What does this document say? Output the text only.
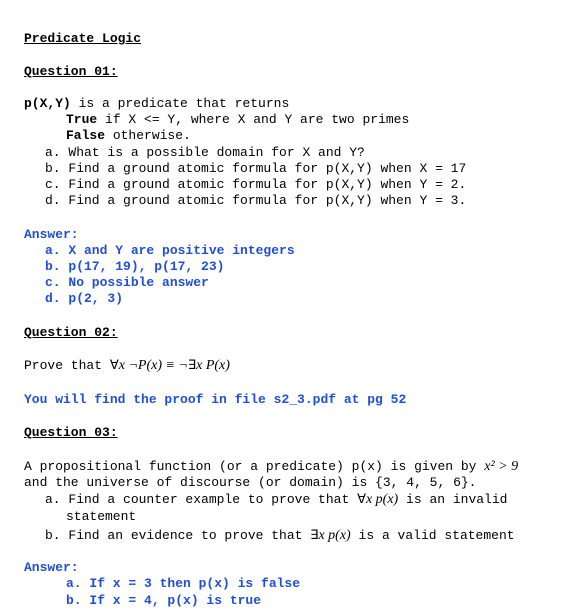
Predicate Logic
Question 01:
p(X,Y) is a predicate that returns
True if X <= Y, where X and Y are two primes
False otherwise.
a. What is a possible domain for X and Y?
b. Find a ground atomic formula for p(X,Y) when X = 17
c. Find a ground atomic formula for p(X,Y) when Y = 2.
d. Find a ground atomic formula for p(X,Y) when Y = 3.
Answer:
a. X and Y are positive integers
b. p(17, 19), p(17, 23)
c. No possible answer
d. p(2, 3)
Question 02:
Prove that ∀x ¬P(x) ≡ ¬∃x P(x)
You will find the proof in file s2_3.pdf at pg 52
Question 03:
A propositional function (or a predicate) p(x) is given by x² > 9
and the universe of discourse (or domain) is {3, 4, 5, 6}.
a. Find a counter example to prove that ∀x p(x) is an invalid
statement
b. Find an evidence to prove that ∃x p(x) is a valid statement
Answer:
a. If x = 3 then p(x) is false
b. If x = 4, p(x) is true
